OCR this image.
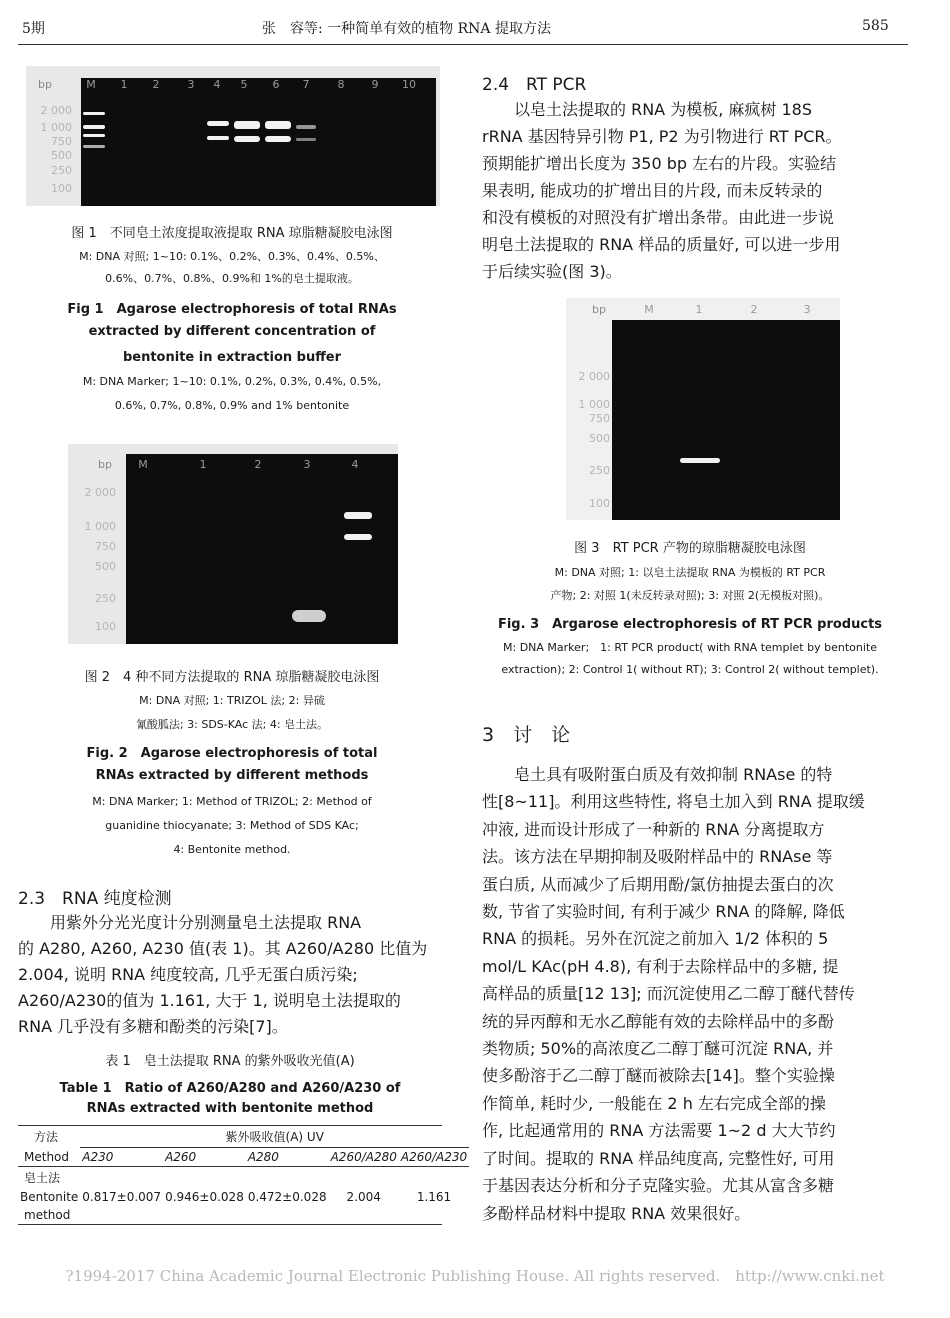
5期	张　容等: 一种简单有效的植物 RNA 提取方法	585
bp	M	1	2	3	4	5	6	7	8	9	10
2 000
1 000
750
500
250
100
图 1　不同皂土浓度提取液提取 RNA 琼脂糖凝胶电泳图
M: DNA 对照; 1~10: 0.1%、0.2%、0.3%、0.4%、0.5%、
0.6%、0.7%、0.8%、0.9%和 1%的皂土提取液。
Fig 1　Agarose electrophoresis of total RNAs
extracted by different concentration of
bentonite in extraction buffer
M: DNA Marker; 1~10: 0.1%, 0.2%, 0.3%, 0.4%, 0.5%,
0.6%, 0.7%, 0.8%, 0.9% and 1% bentonite
bp	M	1	2	3	4
2 000
1 000
750
500
250
100
图 2　4 种不同方法提取的 RNA 琼脂糖凝胶电泳图
M: DNA 对照; 1: TRIZOL 法; 2: 异硫
氰酸胍法; 3: SDS-KAc 法; 4: 皂土法。
Fig. 2　Agarose electrophoresis of total
RNAs extracted by different methods
M: DNA Marker; 1: Method of TRIZOL; 2: Method of
guanidine thiocyanate; 3: Method of SDS KAc;
4: Bentonite method.
2.3　RNA 纯度检测
　　用紫外分光光度计分别测量皂土法提取 RNA
的 A280, A260, A230 值(表 1)。其 A260/A280 比值为
2.004, 说明 RNA 纯度较高, 几乎无蛋白质污染;
A260/A230的值为 1.161, 大于 1, 说明皂土法提取的
RNA 几乎没有多糖和酚类的污染[7]。
表 1　皂土法提取 RNA 的紫外吸收光值(A)
Table 1　Ratio of A260/A280 and A260/A230 of
RNAs extracted with bentonite method
方法	紫外吸收值(A) UV				
Method	A230	A260	A280	A260/A280	A260/A230
皂土法					
Bentonite	0.817±0.007	0.946±0.028	0.472±0.028	2.004	1.161
method					
2.4　RT PCR
　　以皂土法提取的 RNA 为模板, 麻疯树 18S
rRNA 基因特异引物 P1, P2 为引物进行 RT PCR。
预期能扩增出长度为 350 bp 左右的片段。实验结
果表明, 能成功的扩增出目的片段, 而未反转录的
和没有模板的对照没有扩增出条带。由此进一步说
明皂土法提取的 RNA 样品的质量好, 可以进一步用
于后续实验(图 3)。
bp	M	1	2	3
2 000
1 000
750
500
250
100
图 3　RT PCR 产物的琼脂糖凝胶电泳图
M: DNA 对照; 1: 以皂土法提取 RNA 为模板的 RT PCR
产物; 2: 对照 1(未反转录对照); 3: 对照 2(无模板对照)。
Fig. 3　Argarose electrophoresis of RT PCR products
M: DNA Marker;　1: RT PCR product( with RNA templet by bentonite
extraction); 2: Control 1( without RT); 3: Control 2( without templet).
3　讨　论
　　皂土具有吸附蛋白质及有效抑制 RNAse 的特
性[8~11]。利用这些特性, 将皂土加入到 RNA 提取缓
冲液, 进而设计形成了一种新的 RNA 分离提取方
法。该方法在早期抑制及吸附样品中的 RNAse 等
蛋白质, 从而减少了后期用酚/氯仿抽提去蛋白的次
数, 节省了实验时间, 有利于减少 RNA 的降解, 降低
RNA 的损耗。另外在沉淀之前加入 1/2 体积的 5
mol/L KAc(pH 4.8), 有利于去除样品中的多糖, 提
高样品的质量[12 13]; 而沉淀使用乙二醇丁醚代替传
统的异丙醇和无水乙醇能有效的去除样品中的多酚
类物质; 50%的高浓度乙二醇丁醚可沉淀 RNA, 并
使多酚溶于乙二醇丁醚而被除去[14]。整个实验操
作简单, 耗时少, 一般能在 2 h 左右完成全部的操
作, 比起通常用的 RNA 方法需要 1~2 d 大大节约
了时间。提取的 RNA 样品纯度高, 完整性好, 可用
于基因表达分析和分子克隆实验。尤其从富含多糖
多酚样品材料中提取 RNA 效果很好。
?1994-2017 China Academic Journal Electronic Publishing House. All rights reserved.　http://www.cnki.net
